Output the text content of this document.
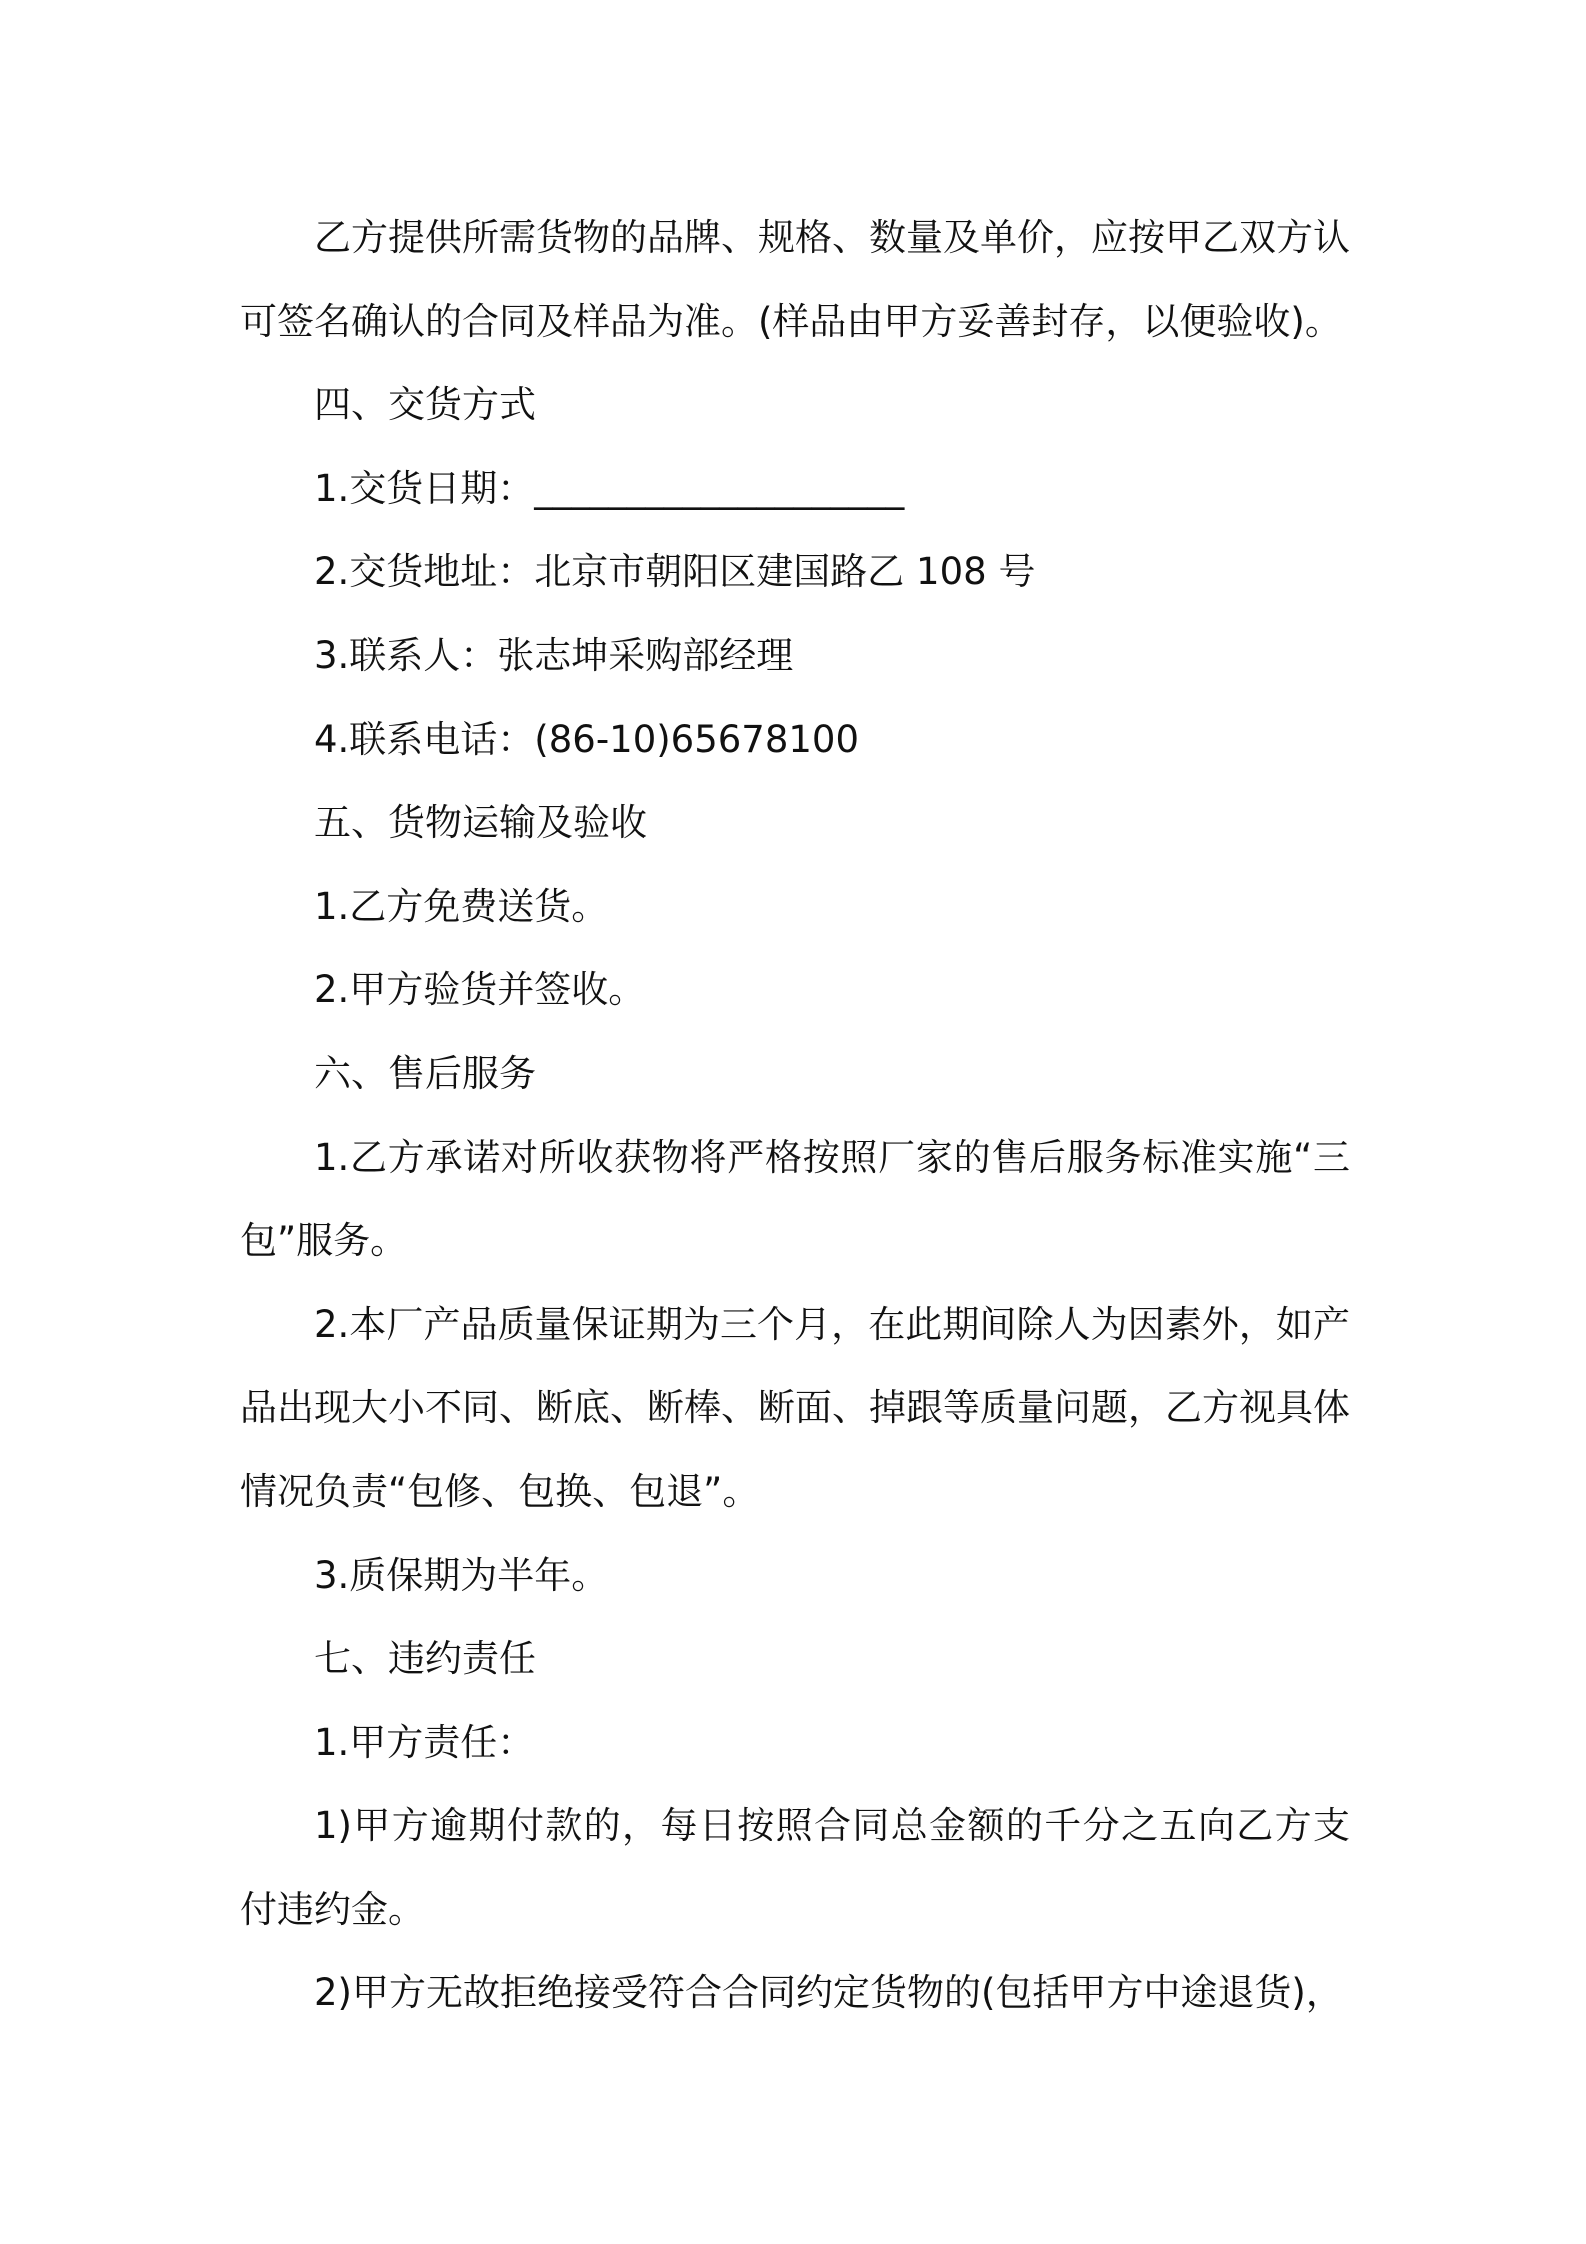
乙方提供所需货物的品牌、规格、数量及单价，应按甲乙双方认可签名确认的合同及样品为准。(样品由甲方妥善封存，以便验收)。

四、交货方式

1.交货日期：____________________

2.交货地址：北京市朝阳区建国路乙 108 号

3.联系人：张志坤采购部经理

4.联系电话：(86-10)65678100

五、货物运输及验收

1.乙方免费送货。

2.甲方验货并签收。

六、售后服务

1.乙方承诺对所收获物将严格按照厂家的售后服务标准实施“三包”服务。

2.本厂产品质量保证期为三个月，在此期间除人为因素外，如产品出现大小不同、断底、断棒、断面、掉跟等质量问题，乙方视具体情况负责“包修、包换、包退”。

3.质保期为半年。

七、违约责任

1.甲方责任：

1)甲方逾期付款的，每日按照合同总金额的千分之五向乙方支付违约金。

2)甲方无故拒绝接受符合合同约定货物的(包括甲方中途退货)，
